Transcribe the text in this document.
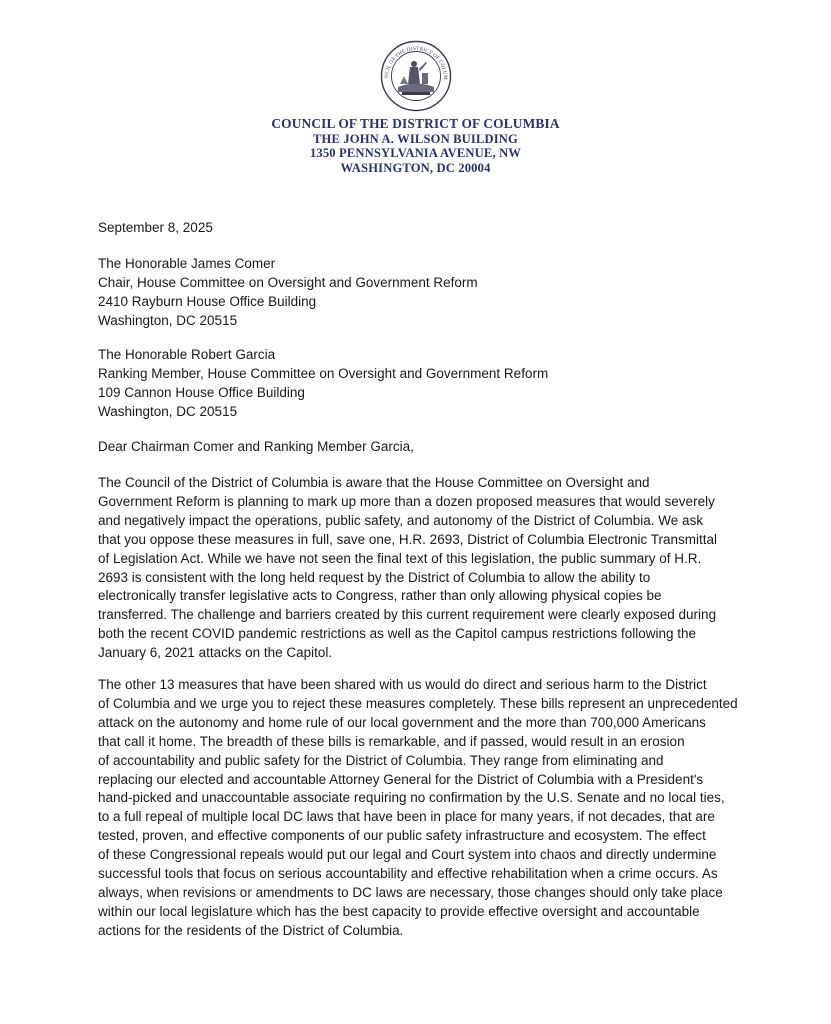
NCIL OF THE DISTRICT OF COLUM
COUNCIL OF THE DISTRICT OF COLUMBIA
THE JOHN A. WILSON BUILDING
1350 PENNSYLVANIA AVENUE, NW
WASHINGTON, DC 20004
September 8, 2025
The Honorable James Comer
Chair, House Committee on Oversight and Government Reform
2410 Rayburn House Office Building
Washington, DC 20515
The Honorable Robert Garcia
Ranking Member, House Committee on Oversight and Government Reform
109 Cannon House Office Building
Washington, DC 20515
Dear Chairman Comer and Ranking Member Garcia,
The Council of the District of Columbia is aware that the House Committee on Oversight and
Government Reform is planning to mark up more than a dozen proposed measures that would severely
and negatively impact the operations, public safety, and autonomy of the District of Columbia. We ask
that you oppose these measures in full, save one, H.R. 2693, District of Columbia Electronic Transmittal
of Legislation Act. While we have not seen the final text of this legislation, the public summary of H.R.
2693 is consistent with the long held request by the District of Columbia to allow the ability to
electronically transfer legislative acts to Congress, rather than only allowing physical copies be
transferred. The challenge and barriers created by this current requirement were clearly exposed during
both the recent COVID pandemic restrictions as well as the Capitol campus restrictions following the
January 6, 2021 attacks on the Capitol.
The other 13 measures that have been shared with us would do direct and serious harm to the District
of Columbia and we urge you to reject these measures completely. These bills represent an unprecedented
attack on the autonomy and home rule of our local government and the more than 700,000 Americans
that call it home. The breadth of these bills is remarkable, and if passed, would result in an erosion
of accountability and public safety for the District of Columbia. They range from eliminating and
replacing our elected and accountable Attorney General for the District of Columbia with a President's
hand-picked and unaccountable associate requiring no confirmation by the U.S. Senate and no local ties,
to a full repeal of multiple local DC laws that have been in place for many years, if not decades, that are
tested, proven, and effective components of our public safety infrastructure and ecosystem. The effect
of these Congressional repeals would put our legal and Court system into chaos and directly undermine
successful tools that focus on serious accountability and effective rehabilitation when a crime occurs. As
always, when revisions or amendments to DC laws are necessary, those changes should only take place
within our local legislature which has the best capacity to provide effective oversight and accountable
actions for the residents of the District of Columbia.
